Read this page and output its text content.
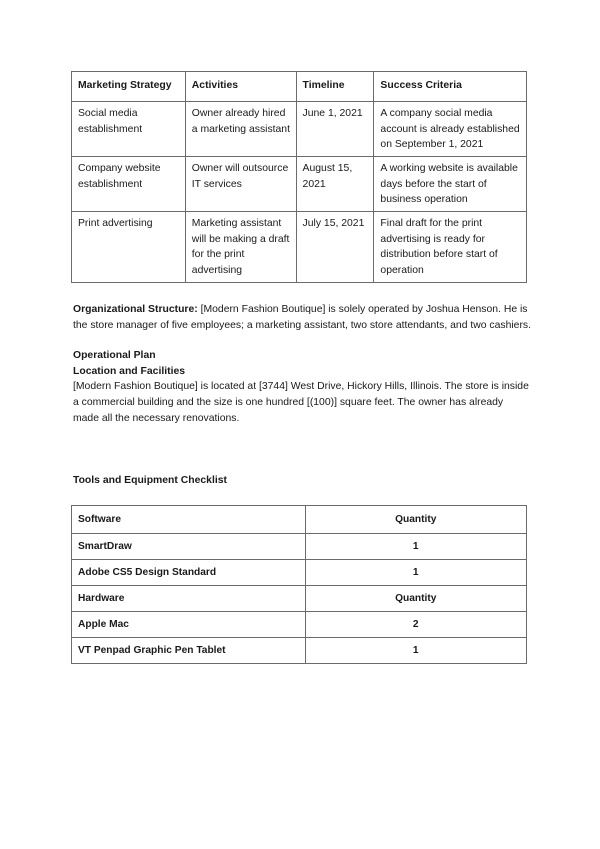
Marketing Strategy	Activities	Timeline	Success Criteria
Social media establishment	Owner already hired a marketing assistant	June 1, 2021	A company social media account is already established on September 1, 2021
Company website establishment	Owner will outsource IT services	August 15, 2021	A working website is available days before the start of business operation
Print advertising	Marketing assistant will be making a draft for the print advertising	July 15, 2021	Final draft for the print advertising is ready for distribution before start of operation

Organizational Structure: [Modern Fashion Boutique] is solely operated by Joshua Henson. He is the store manager of five employees; a marketing assistant, two store attendants, and two cashiers.

Operational Plan
Location and Facilities

[Modern Fashion Boutique] is located at [3744] West Drive, Hickory Hills, Illinois. The store is inside a commercial building and the size is one hundred [(100)] square feet. The owner has already made all the necessary renovations.

Tools and Equipment Checklist
Software	Quantity
SmartDraw	1
Adobe CS5 Design Standard	1
Hardware	Quantity
Apple Mac	2
VT Penpad Graphic Pen Tablet	1
